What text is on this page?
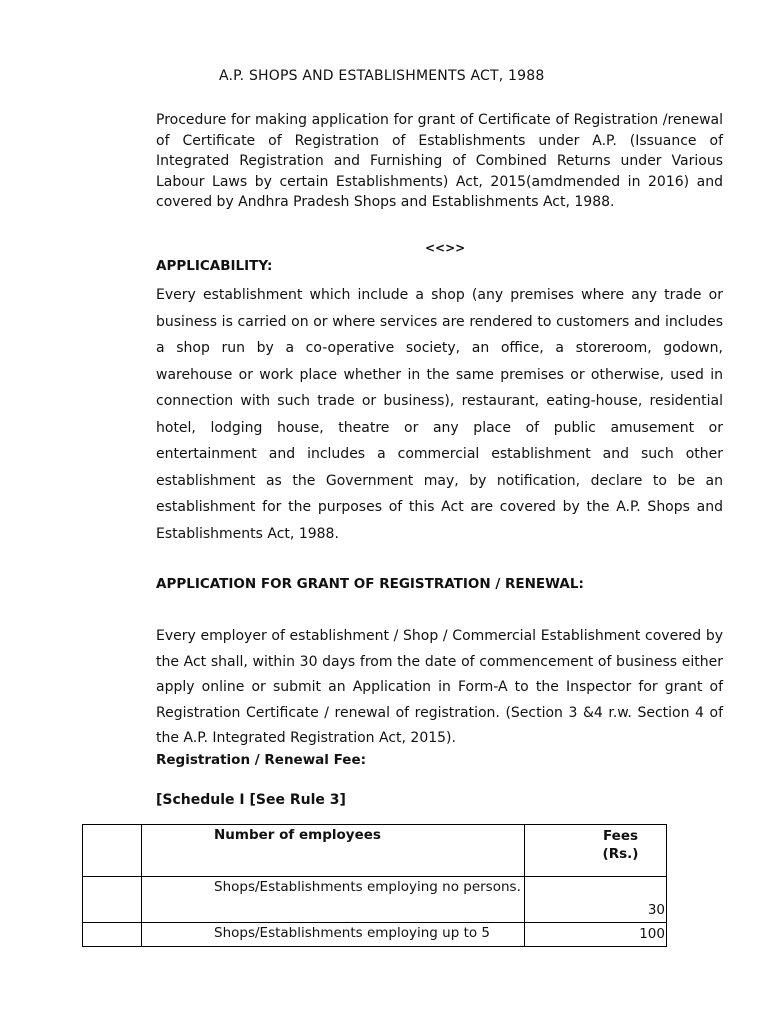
A.P. SHOPS AND ESTABLISHMENTS ACT, 1988
Procedure for making application for grant of Certificate of Registration /renewal of Certificate of Registration of Establishments under A.P. (Issuance of Integrated Registration and Furnishing of Combined Returns under Various Labour Laws by certain Establishments) Act, 2015(amdmended in 2016) and covered by Andhra Pradesh Shops and Establishments Act, 1988.
<<>>
APPLICABILITY:
Every establishment which include a shop (any premises where any trade or business is carried on or where services are rendered to customers and includes a shop run by a co-operative society, an office, a storeroom, godown, warehouse or work place whether in the same premises or otherwise, used in connection with such trade or business), restaurant, eating-house, residential hotel, lodging house, theatre or any place of public amusement or entertainment and includes a commercial establishment and such other establishment as the Government may, by notification, declare to be an establishment for the purposes of this Act are covered by the A.P. Shops and Establishments Act, 1988.
APPLICATION FOR GRANT OF REGISTRATION / RENEWAL:
Every employer of establishment / Shop / Commercial Establishment covered by the Act shall, within 30 days from the date of commencement of business either apply online or submit an Application in Form-A to the Inspector for grant of Registration Certificate / renewal of registration. (Section 3 &4 r.w. Section 4 of the A.P. Integrated Registration Act, 2015).
Registration / Renewal Fee:
[Schedule I [See Rule 3]

	Number of employees	Fees
(Rs.)

	Shops/Establishments employing no persons.	30

	Shops/Establishments employing up to 5	100
